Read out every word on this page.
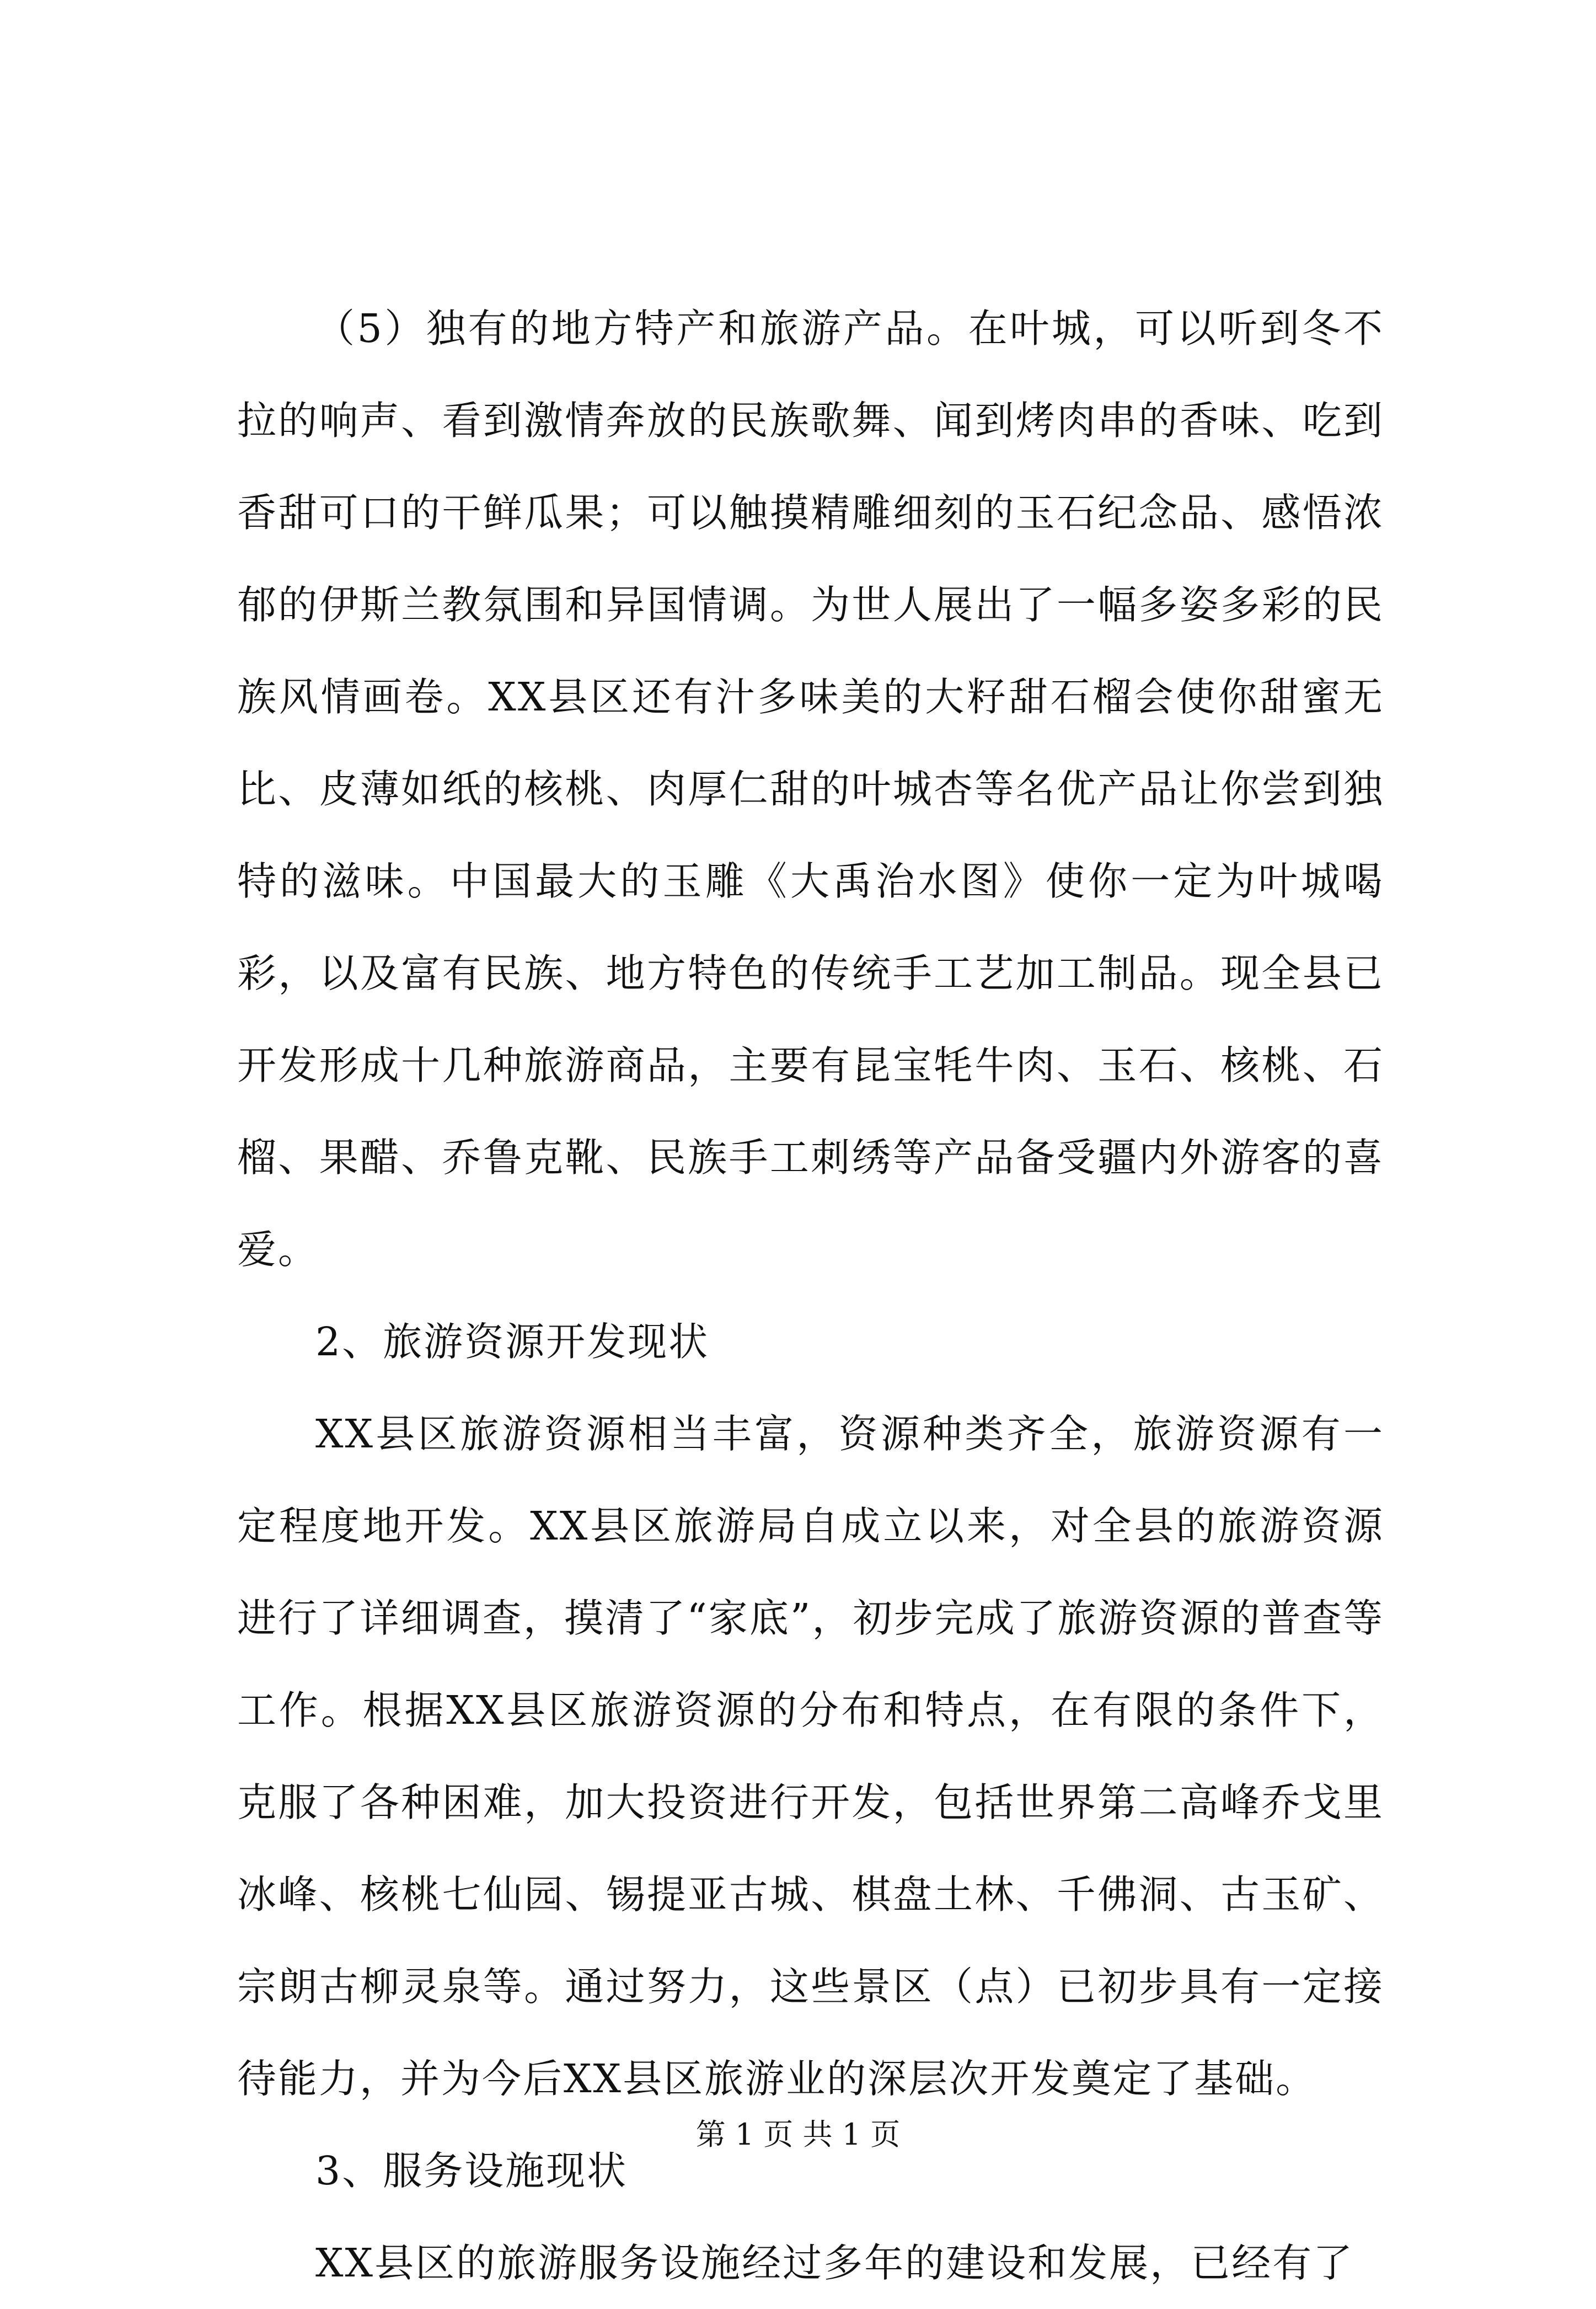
（5）独有的地方特产和旅游产品。在叶城，可以听到冬不拉的响声、看到激情奔放的民族歌舞、闻到烤肉串的香味、吃到香甜可口的干鲜瓜果；可以触摸精雕细刻的玉石纪念品、感悟浓郁的伊斯兰教氛围和异国情调。为世人展出了一幅多姿多彩的民族风情画卷。XX县区还有汁多味美的大籽甜石榴会使你甜蜜无比、皮薄如纸的核桃、肉厚仁甜的叶城杏等名优产品让你尝到独特的滋味。中国最大的玉雕《大禹治水图》使你一定为叶城喝彩，以及富有民族、地方特色的传统手工艺加工制品。现全县已开发形成十几种旅游商品，主要有昆宝牦牛肉、玉石、核桃、石榴、果醋、乔鲁克靴、民族手工刺绣等产品备受疆内外游客的喜爱。

2、旅游资源开发现状

XX县区旅游资源相当丰富，资源种类齐全，旅游资源有一定程度地开发。XX县区旅游局自成立以来，对全县的旅游资源进行了详细调查，摸清了“家底”，初步完成了旅游资源的普查等工作。根据XX县区旅游资源的分布和特点，在有限的条件下，克服了各种困难，加大投资进行开发，包括世界第二高峰乔戈里冰峰、核桃七仙园、锡提亚古城、棋盘土林、千佛洞、古玉矿、宗朗古柳灵泉等。通过努力，这些景区（点）已初步具有一定接待能力，并为今后XX县区旅游业的深层次开发奠定了基础。

3、服务设施现状

XX县区的旅游服务设施经过多年的建设和发展，已经有了

第 1 页 共 1 页
